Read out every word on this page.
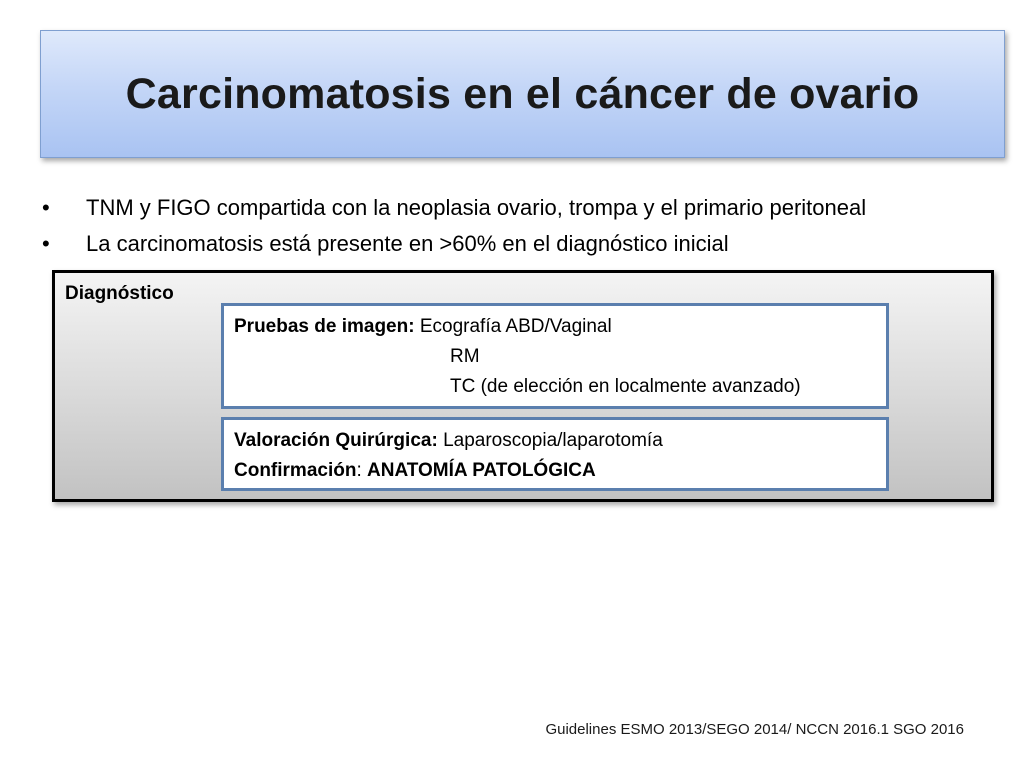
Carcinomatosis en el cáncer de ovario
• TNM y FIGO compartida con la neoplasia ovario, trompa y el primario peritoneal
• La carcinomatosis está presente en >60% en el diagnóstico inicial
Diagnóstico
Pruebas de imagen: Ecografía ABD/Vaginal
RM
TC (de elección en localmente avanzado)
Valoración Quirúrgica: Laparoscopia/laparotomía
Confirmación: ANATOMÍA PATOLÓGICA
Guidelines ESMO 2013/SEGO 2014/ NCCN 2016.1 SGO 2016
